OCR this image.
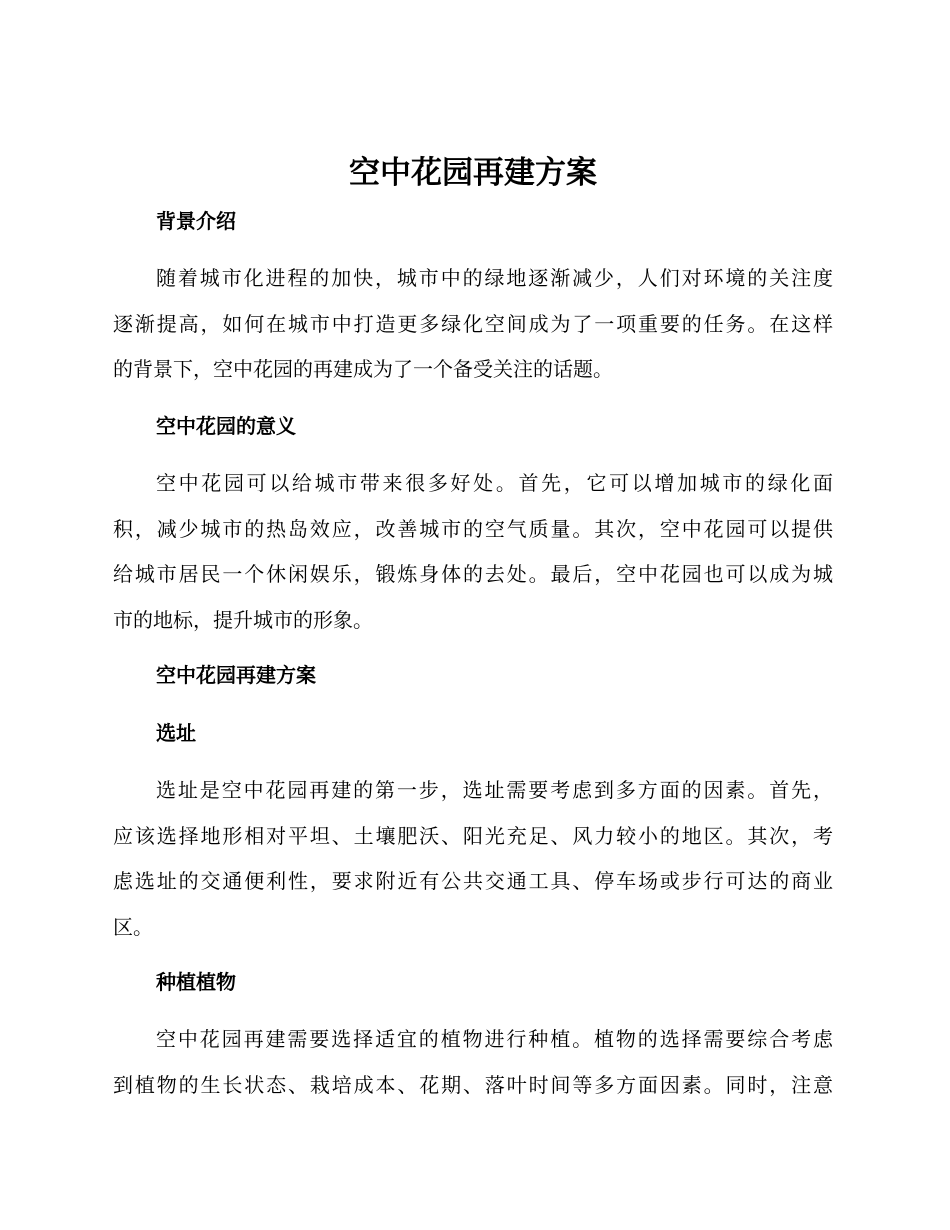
空中花园再建方案
背景介绍
随着城市化进程的加快，城市中的绿地逐渐减少，人们对环境的关注度
逐渐提高，如何在城市中打造更多绿化空间成为了一项重要的任务。在这样
的背景下，空中花园的再建成为了一个备受关注的话题。
空中花园的意义
空中花园可以给城市带来很多好处。首先，它可以增加城市的绿化面
积，减少城市的热岛效应，改善城市的空气质量。其次，空中花园可以提供
给城市居民一个休闲娱乐，锻炼身体的去处。最后，空中花园也可以成为城
市的地标，提升城市的形象。
空中花园再建方案
选址
选址是空中花园再建的第一步，选址需要考虑到多方面的因素。首先，
应该选择地形相对平坦、土壤肥沃、阳光充足、风力较小的地区。其次，考
虑选址的交通便利性，要求附近有公共交通工具、停车场或步行可达的商业
区。
种植植物
空中花园再建需要选择适宜的植物进行种植。植物的选择需要综合考虑
到植物的生长状态、栽培成本、花期、落叶时间等多方面因素。同时，注意
